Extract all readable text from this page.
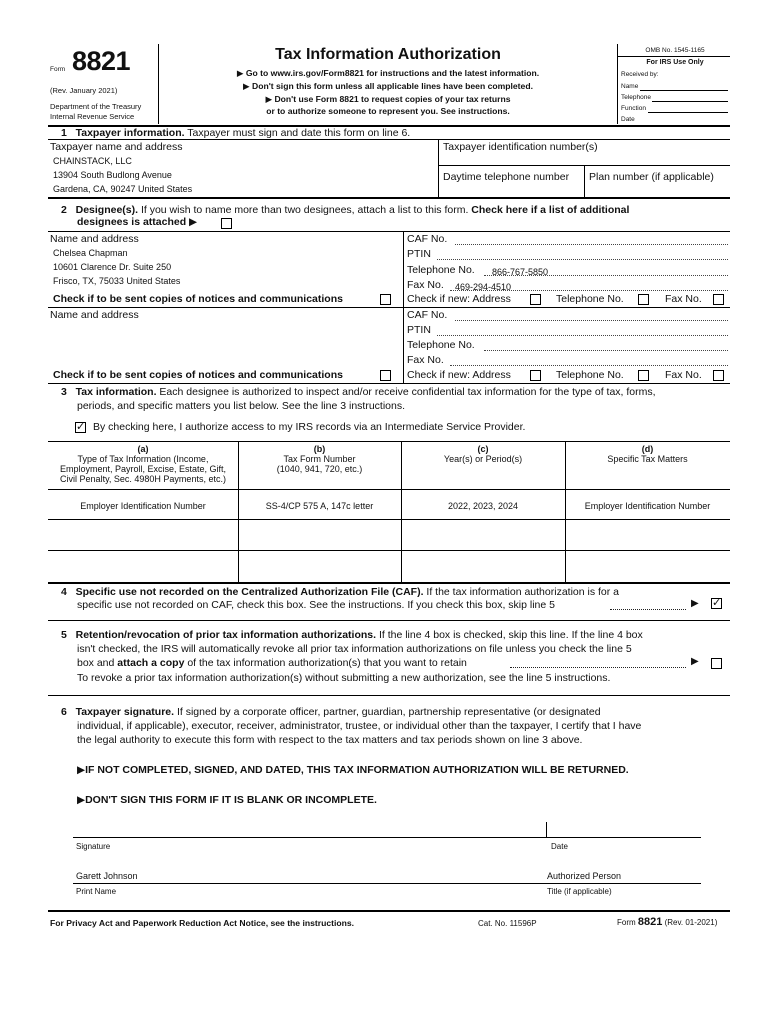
Form 8821
(Rev. January 2021)
Department of the Treasury
Internal Revenue Service
Tax Information Authorization
▶ Go to www.irs.gov/Form8821 for instructions and the latest information.
▶ Don't sign this form unless all applicable lines have been completed.
▶ Don't use Form 8821 to request copies of your tax returns
or to authorize someone to represent you. See instructions.
OMB No. 1545-1165
For IRS Use Only
Received by:
Name
Telephone
Function
Date
1 Taxpayer information. Taxpayer must sign and date this form on line 6.
Taxpayer name and address
CHAINSTACK, LLC
13904 South Budlong Avenue
Gardena, CA, 90247 United States
Taxpayer identification number(s)
Daytime telephone number Plan number (if applicable)
2 Designee(s). If you wish to name more than two designees, attach a list to this form. Check here if a list of additional
designees is attached ▶
Name and address
Chelsea Chapman
10601 Clarence Dr. Suite 250
Frisco, TX, 75033 United States
Check if to be sent copies of notices and communications
CAF No.
PTIN
Telephone No. 866-767-5850
Fax No. 469-294-4510
Check if new: Address	Telephone No.	Fax No.
Name and address
Check if to be sent copies of notices and communications
CAF No.
PTIN
Telephone No.
Fax No.
Check if new: Address	Telephone No.	Fax No.
3 Tax information. Each designee is authorized to inspect and/or receive confidential tax information for the type of tax, forms,
periods, and specific matters you list below. See the line 3 instructions.
✓ By checking here, I authorize access to my IRS records via an Intermediate Service Provider.
(a)
Type of Tax Information (Income,
Employment, Payroll, Excise, Estate, Gift,
Civil Penalty, Sec. 4980H Payments, etc.)
(b)
Tax Form Number
(1040, 941, 720, etc.)
(c)
Year(s) or Period(s)
(d)
Specific Tax Matters
Employer Identification Number	SS-4/CP 575 A, 147c letter	2022, 2023, 2024	Employer Identification Number
4 Specific use not recorded on the Centralized Authorization File (CAF). If the tax information authorization is for a
specific use not recorded on CAF, check this box. See the instructions. If you check this box, skip line 5	▶ ✓
5 Retention/revocation of prior tax information authorizations. If the line 4 box is checked, skip this line. If the line 4 box
isn't checked, the IRS will automatically revoke all prior tax information authorizations on file unless you check the line 5
box and attach a copy of the tax information authorization(s) that you want to retain	▶
To revoke a prior tax information authorization(s) without submitting a new authorization, see the line 5 instructions.
6 Taxpayer signature. If signed by a corporate officer, partner, guardian, partnership representative (or designated
individual, if applicable), executor, receiver, administrator, trustee, or individual other than the taxpayer, I certify that I have
the legal authority to execute this form with respect to the tax matters and tax periods shown on line 3 above.
▶IF NOT COMPLETED, SIGNED, AND DATED, THIS TAX INFORMATION AUTHORIZATION WILL BE RETURNED.
▶DON'T SIGN THIS FORM IF IT IS BLANK OR INCOMPLETE.
Signature	Date
Garett Johnson	Authorized Person
Print Name	Title (if applicable)
For Privacy Act and Paperwork Reduction Act Notice, see the instructions.	Cat. No. 11596P	Form 8821 (Rev. 01-2021)
